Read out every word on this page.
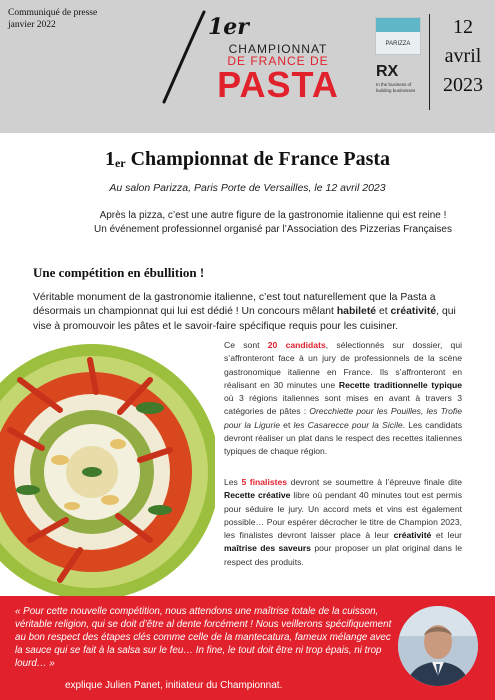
Communiqué de presse
janvier 2022	1er
CHAMPIONNAT
DE FRANCE DE
PASTA
PARIZZA
RX
In the business of building businesses
12
avril
2023
$1_{er}$ Championnat de France Pasta
Au salon Parizza, Paris Porte de Versailles, le 12 avril 2023
Après la pizza, c’est une autre figure de la gastronomie italienne qui est reine !
Un événement professionnel organisé par l’Association des Pizzerias Françaises
Une compétition en ébullition !

Véritable monument de la gastronomie italienne, c’est tout naturellement que la Pasta a désormais un championnat qui lui est dédié ! Un concours mêlant habileté et créativité, qui vise à promouvoir les pâtes et le savoir-faire spécifique requis pour les cuisiner.

Ce sont 20 candidats, sélectionnés sur dossier, qui s’affronteront face à un jury de professionnels de la scène gastronomique italienne en France. Ils s’affronteront en réalisant en 30 minutes une Recette traditionnelle typique où 3 régions italiennes sont mises en avant à travers 3 catégories de pâtes : Orecchiette pour les Pouilles, les Trofie pour la Ligurie et les Casarecce pour la Sicile. Les candidats devront réaliser un plat dans le respect des recettes italiennes typiques de chaque région.

Les 5 finalistes devront se soumettre à l’épreuve finale dite Recette créative libre où pendant 40 minutes tout est permis pour séduire le jury. Un accord mets et vins est également possible… Pour espérer décrocher le titre de Champion 2023, les finalistes devront laisser place à leur créativité et leur maîtrise des saveurs pour proposer un plat original dans le respect des produits.

« Pour cette nouvelle compétition, nous attendons une maîtrise totale de la cuisson, véritable religion, qui se doit d’être al dente forcément ! Nous veillerons spécifiquement au bon respect des étapes clés comme celle de la mantecatura, fameux mélange avec la sauce qui se fait à la salsa sur le feu… In fine, le tout doit être ni trop épais, ni trop lourd… »

explique Julien Panet, initiateur du Championnat.
